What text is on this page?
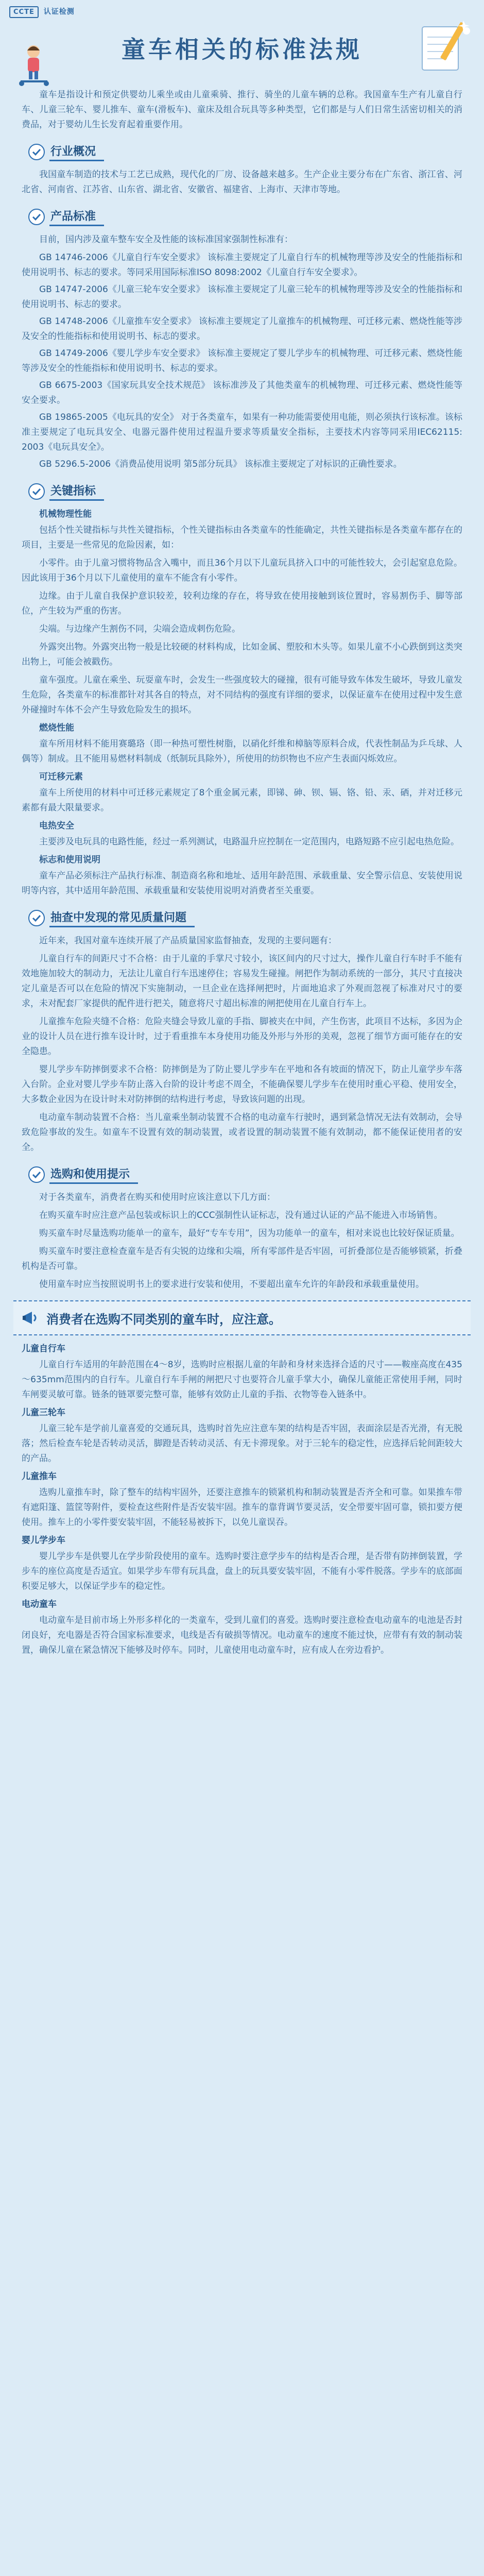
CCTE 认证检测
童车相关的标准法规

童车是指设计和预定供婴幼儿乘坐或由儿童乘骑、推行、骑坐的儿童车辆的总称。我国童车生产有儿童自行车、儿童三轮车、婴儿推车、童车(滑板车)、童床及组合玩具等多种类型，它们都是与人们日常生活密切相关的消费品，对于婴幼儿生长发育起着重要作用。

行业概况

我国童车制造的技术与工艺已成熟，现代化的厂房、设备越来越多。生产企业主要分布在广东省、浙江省、河北省、河南省、江苏省、山东省、湖北省、安徽省、福建省、上海市、天津市等地。

产品标准

目前，国内涉及童车整车安全及性能的该标准国家强制性标准有：

GB 14746-2006《儿童自行车安全要求》 该标准主要规定了儿童自行车的机械物理等涉及安全的性能指标和使用说明书、标志的要求。等同采用国际标准ISO 8098:2002《儿童自行车安全要求》。

GB 14747-2006《儿童三轮车安全要求》 该标准主要规定了儿童三轮车的机械物理等涉及安全的性能指标和使用说明书、标志的要求。

GB 14748-2006《儿童推车安全要求》 该标准主要规定了儿童推车的机械物理、可迁移元素、燃烧性能等涉及安全的性能指标和使用说明书、标志的要求。

GB 14749-2006《婴儿学步车安全要求》 该标准主要规定了婴儿学步车的机械物理、可迁移元素、燃烧性能等涉及安全的性能指标和使用说明书、标志的要求。

GB 6675-2003《国家玩具安全技术规范》 该标准涉及了其他类童车的机械物理、可迁移元素、燃烧性能等安全要求。

GB 19865-2005《电玩具的安全》 对于各类童车，如果有一种功能需要使用电能，则必须执行该标准。该标准主要规定了电玩具安全、电器元器件使用过程温升要求等质量安全指标，主要技术内容等同采用IEC62115: 2003《电玩具安全》。

GB 5296.5-2006《消费品使用说明 第5部分玩具》 该标准主要规定了对标识的正确性要求。

关键指标

机械物理性能

包括个性关键指标与共性关键指标，个性关键指标由各类童车的性能确定，共性关键指标是各类童车都存在的项目，主要是一些常见的危险因素，如：

小零件。由于儿童习惯将物品含入嘴中，而且36个月以下儿童玩具挤入口中的可能性较大，会引起窒息危险。因此该用于36个月以下儿童使用的童车不能含有小零件。

边缘。由于儿童自我保护意识较差，较利边缘的存在，将导致在使用接触到该位置时，容易割伤手、脚等部位，产生较为严重的伤害。

尖端。与边缘产生割伤不同，尖端会造成刺伤危险。

外露突出物。外露突出物一般是比较硬的材料构成，比如金属、塑胶和木头等。如果儿童不小心跌倒到这类突出物上，可能会被戳伤。

童车强度。儿童在乘坐、玩耍童车时，会发生一些强度较大的碰撞，很有可能导致车体发生破坏，导致儿童发生危险，各类童车的标准都针对其各自的特点，对不同结构的强度有详细的要求，以保证童车在使用过程中发生意外碰撞时车体不会产生导致危险发生的损坏。

燃烧性能

童车所用材料不能用赛璐珞（即一种热可塑性树脂，以硝化纤维和樟脑等原料合成，代表性制品为乒乓球、人偶等）制成。且不能用易燃材料制成（纸制玩具除外），所使用的纺织物也不应产生表面闪烁效应。

可迁移元素

童车上所使用的材料中可迁移元素规定了8个重金属元素，即锑、砷、钡、镉、铬、铅、汞、硒，并对迁移元素都有最大限量要求。

电热安全

主要涉及电玩具的电路性能，经过一系列测试，电路温升应控制在一定范围内，电路短路不应引起电热危险。

标志和使用说明

童车产品必须标注产品执行标准、制造商名称和地址、适用年龄范围、承载重量、安全警示信息、安装使用说明等内容，其中适用年龄范围、承载重量和安装使用说明对消费者至关重要。

抽查中发现的常见质量问题

近年来，我国对童车连续开展了产品质量国家监督抽查，发现的主要问题有：

儿童自行车的间距尺寸不合格：由于儿童的手掌尺寸较小，该区间内的尺寸过大，操作儿童自行车时手不能有效地施加较大的制动力，无法让儿童自行车迅速停住；容易发生碰撞。闸把作为制动系统的一部分，其尺寸直接决定儿童是否可以在危险的情况下实施制动，一旦企业在选择闸把时，片面地追求了外观而忽视了标准对尺寸的要求，未对配套厂家提供的配件进行把关，随意将尺寸超出标准的闸把使用在儿童自行车上。

儿童推车危险夹缝不合格：危险夹缝会导致儿童的手指、脚被夹在中间，产生伤害，此项目不达标，多因为企业的设计人员在进行推车设计时，过于看重推车本身使用功能及外形与外形的美观，忽视了细节方面可能存在的安全隐患。

婴儿学步车防摔倒要求不合格：防摔倒是为了防止婴儿学步车在平地和各有坡面的情况下，防止儿童学步车落入台阶。企业对婴儿学步车防止落入台阶的设计考虑不周全，不能确保婴儿学步车在使用时重心平稳、使用安全，大多数企业因为在设计时未对防摔倒的结构进行考虑，导致该问题的出现。

电动童车制动装置不合格：当儿童乘坐制动装置不合格的电动童车行驶时，遇到紧急情况无法有效制动，会导致危险事故的发生。如童车不设置有效的制动装置，或者设置的制动装置不能有效制动，都不能保证使用者的安全。

选购和使用提示

对于各类童车，消费者在购买和使用时应该注意以下几方面：

在购买童车时应注意产品包装或标识上的CCC强制性认证标志，没有通过认证的产品不能进入市场销售。

购买童车时尽量选购功能单一的童车，最好“专车专用”，因为功能单一的童车，相对来说也比较好保证质量。

购买童车时要注意检查童车是否有尖锐的边缘和尖端，所有零部件是否牢固，可折叠部位是否能够锁紧，折叠机构是否可靠。

使用童车时应当按照说明书上的要求进行安装和使用，不要超出童车允许的年龄段和承载重量使用。

消费者在选购不同类别的童车时，应注意。

儿童自行车

儿童自行车适用的年龄范围在4～8岁，选购时应根据儿童的年龄和身材来选择合适的尺寸——鞍座高度在435～635mm范围内的自行车。儿童自行车手闸的闸把尺寸也要符合儿童手掌大小，确保儿童能正常使用手闸，同时车闸要灵敏可靠。链条的链罩要完整可靠，能够有效防止儿童的手指、衣物等卷入链条中。

儿童三轮车

儿童三轮车是学前儿童喜爱的交通玩具，选购时首先应注意车架的结构是否牢固，表面涂层是否光滑，有无脱落；然后检查车轮是否转动灵活，脚蹬是否转动灵活、有无卡滞现象。对于三轮车的稳定性，应选择后轮间距较大的产品。

儿童推车

选购儿童推车时，除了整车的结构牢固外，还要注意推车的锁紧机构和制动装置是否齐全和可靠。如果推车带有遮阳篷、篮筐等附件，要检查这些附件是否安装牢固。推车的靠背调节要灵活，安全带要牢固可靠，锁扣要方便使用。推车上的小零件要安装牢固，不能轻易被拆下，以免儿童误吞。

婴儿学步车

婴儿学步车是供婴儿在学步阶段使用的童车。选购时要注意学步车的结构是否合理，是否带有防摔倒装置，学步车的座位高度是否适宜。如果学步车带有玩具盘，盘上的玩具要安装牢固，不能有小零件脱落。学步车的底部面积要足够大，以保证学步车的稳定性。

电动童车

电动童车是目前市场上外形多样化的一类童车，受到儿童们的喜爱。选购时要注意检查电动童车的电池是否封闭良好，充电器是否符合国家标准要求，电线是否有破损等情况。电动童车的速度不能过快，应带有有效的制动装置，确保儿童在紧急情况下能够及时停车。同时，儿童使用电动童车时，应有成人在旁边看护。
